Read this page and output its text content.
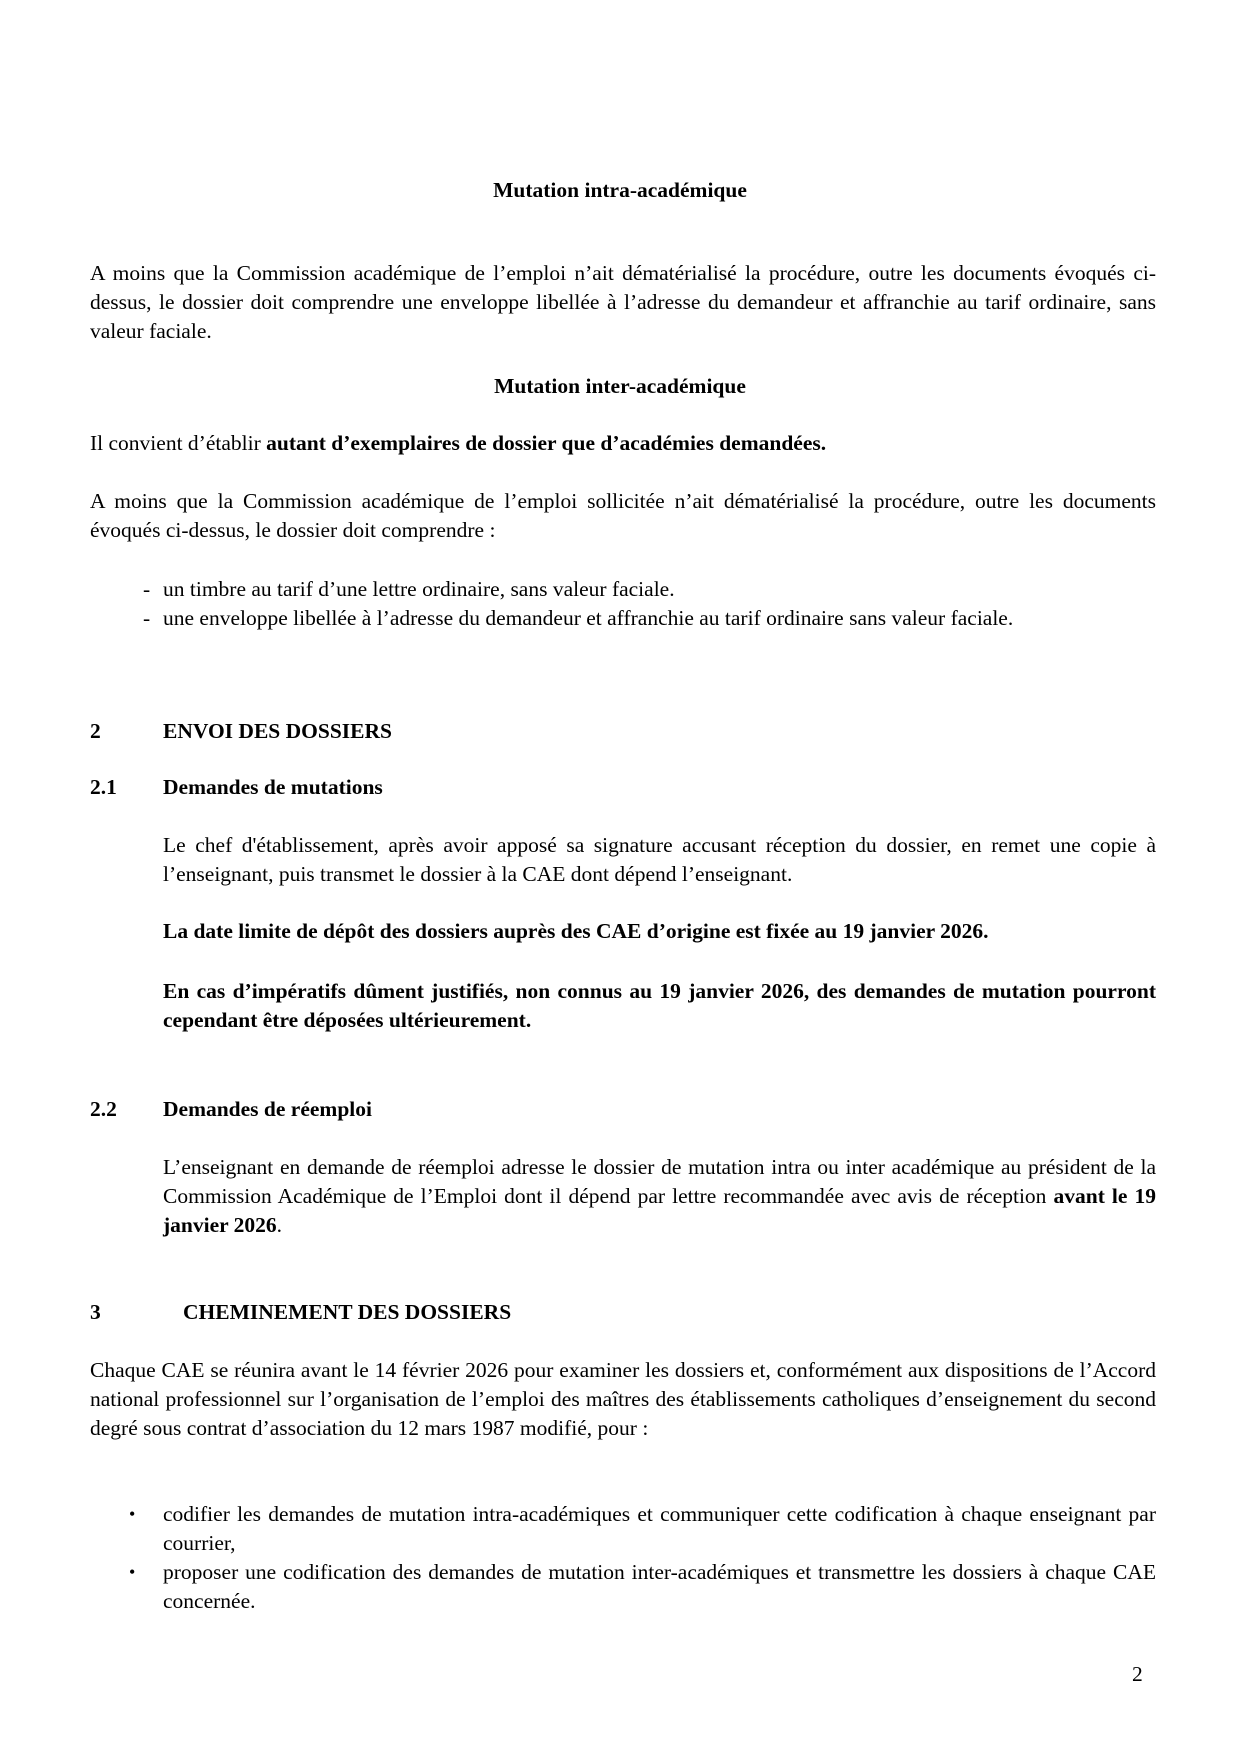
Mutation intra-académique
A moins que la Commission académique de l’emploi n’ait dématérialisé la procédure, outre les documents évoqués ci-dessus, le dossier doit comprendre une enveloppe libellée à l’adresse du demandeur et affranchie au tarif ordinaire, sans valeur faciale.
Mutation inter-académique
Il convient d’établir autant d’exemplaires de dossier que d’académies demandées.
A moins que la Commission académique de l’emploi sollicitée n’ait dématérialisé la procédure, outre les documents évoqués ci-dessus, le dossier doit comprendre :
- un timbre au tarif d’une lettre ordinaire, sans valeur faciale.
- une enveloppe libellée à l’adresse du demandeur et affranchie au tarif ordinaire sans valeur faciale.
2	ENVOI DES DOSSIERS
2.1 Demandes de mutations
Le chef d'établissement, après avoir apposé sa signature accusant réception du dossier, en remet une copie à l’enseignant, puis transmet le dossier à la CAE dont dépend l’enseignant.
La date limite de dépôt des dossiers auprès des CAE d’origine est fixée au 19 janvier 2026.
En cas d’impératifs dûment justifiés, non connus au 19 janvier 2026, des demandes de mutation pourront cependant être déposées ultérieurement.
2.2 Demandes de réemploi
L’enseignant en demande de réemploi adresse le dossier de mutation intra ou inter académique au président de la Commission Académique de l’Emploi dont il dépend par lettre recommandée avec avis de réception avant le 19 janvier 2026.
3	CHEMINEMENT DES DOSSIERS
Chaque CAE se réunira avant le 14 février 2026 pour examiner les dossiers et, conformément aux dispositions de l’Accord national professionnel sur l’organisation de l’emploi des maîtres des établissements catholiques d’enseignement du second degré sous contrat d’association du 12 mars 1987 modifié, pour :
• codifier les demandes de mutation intra-académiques et communiquer cette codification à chaque enseignant par courrier,
• proposer une codification des demandes de mutation inter-académiques et transmettre les dossiers à chaque CAE concernée.
2
